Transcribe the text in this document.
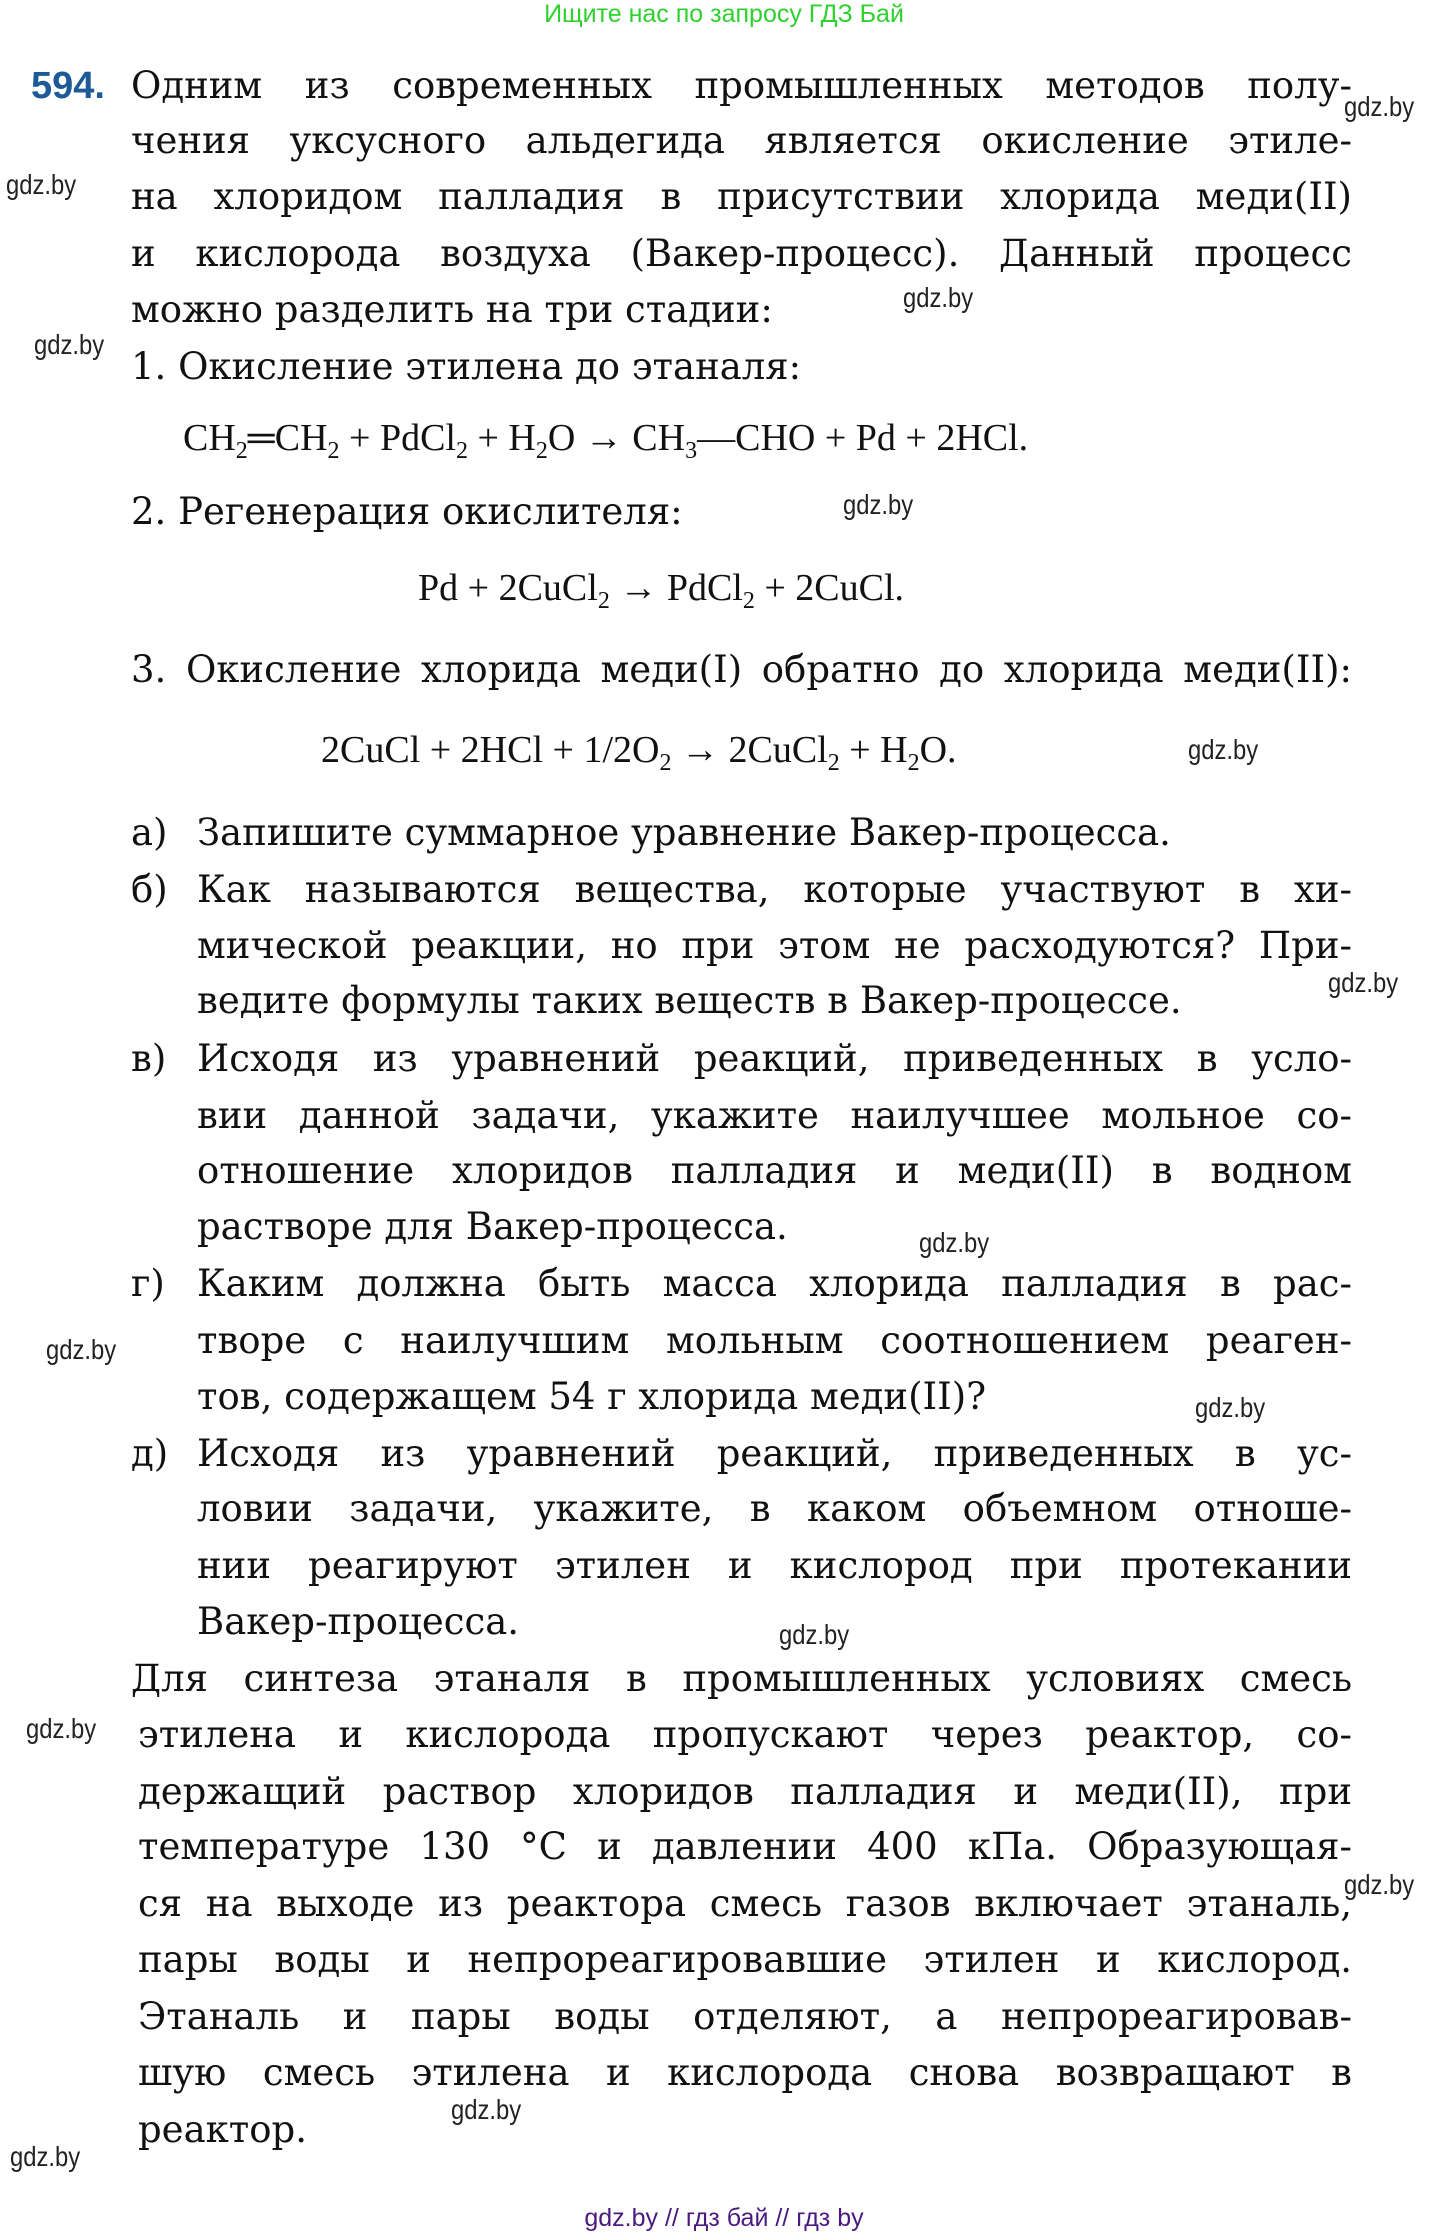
Ищите нас по запросу ГДЗ Бай
594. Одним из современных промышленных методов полу-
чения уксусного альдегида является окисление этиле-
на хлоридом палладия в присутствии хлорида меди(II)
и кислорода воздуха (Вакер-процесс). Данный процесс
можно разделить на три стадии:
1. Окисление этилена до этаналя:
$CH_2═CH_2$ + PdCl$_2$ + $H_2O$ → $CH_3—CHO + Pd + 2HCl$.
2. Регенерация окислителя:
Pd + 2CuCl$_2$ → PdCl$_2$ + 2CuCl.
3. Окисление хлорида меди(I) обратно до хлорида меди(II):
2CuCl + $2HCl + 1/2O_2$ → 2CuCl$_2$ + $H_2O$.
а) Запишите суммарное уравнение Вакер-процесса.
б) Как называются вещества, которые участвуют в хи-
мической реакции, но при этом не расходуются? При-
ведите формулы таких веществ в Вакер-процессе.
в) Исходя из уравнений реакций, приведенных в усло-
вии данной задачи, укажите наилучшее мольное со-
отношение хлоридов палладия и меди(II) в водном
растворе для Вакер-процесса.
г) Каким должна быть масса хлорида палладия в рас-
творе с наилучшим мольным соотношением реаген-
тов, содержащем 54 г хлорида меди(II)?
д) Исходя из уравнений реакций, приведенных в ус-
ловии задачи, укажите, в каком объемном отноше-
нии реагируют этилен и кислород при протекании
Вакер-процесса.
Для синтеза этаналя в промышленных условиях смесь
этилена и кислорода пропускают через реактор, со-
держащий раствор хлоридов палладия и меди(II), при
температуре 130 °С и давлении 400 кПа. Образующая-
ся на выходе из реактора смесь газов включает этаналь,
пары воды и непрореагировавшие этилен и кислород.
Этаналь и пары воды отделяют, а непрореагировав-
шую смесь этилена и кислорода снова возвращают в
реактор.
gdz.by
gdz.by
gdz.by
gdz.by
gdz.by
gdz.by
gdz.by
gdz.by
gdz.by
gdz.by
gdz.by
gdz.by
gdz.by
gdz.by
gdz.by
gdz.by // гдз бай // гдз by
